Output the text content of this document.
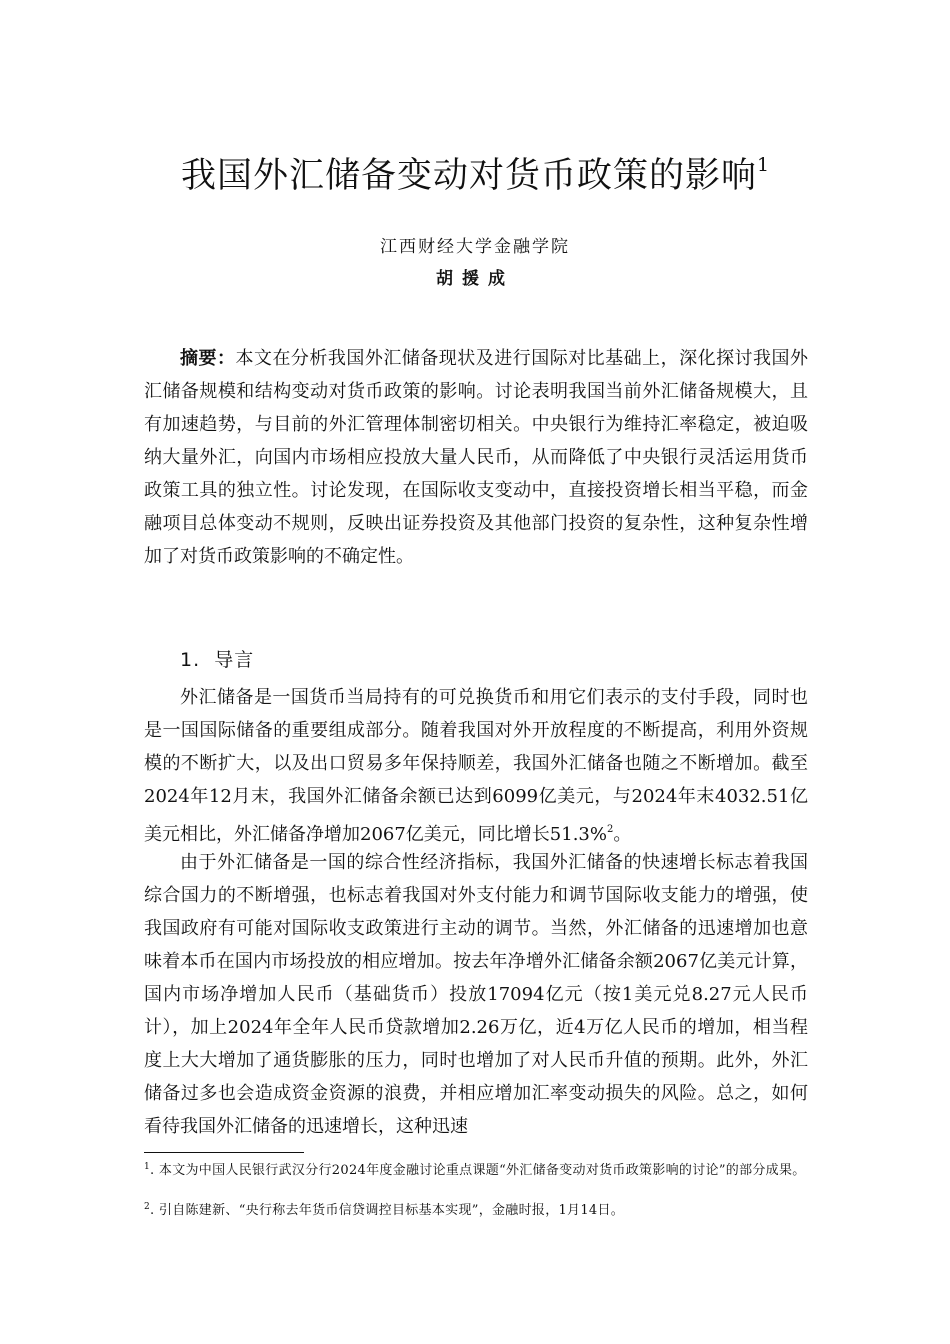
我国外汇储备变动对货币政策的影响$^1$
江西财经大学金融学院
胡援成

摘要：本文在分析我国外汇储备现状及进行国际对比基础上，深化探讨我国外汇储备规模和结构变动对货币政策的影响。讨论表明我国当前外汇储备规模大，且有加速趋势，与目前的外汇管理体制密切相关。中央银行为维持汇率稳定，被迫吸纳大量外汇，向国内市场相应投放大量人民币，从而降低了中央银行灵活运用货币政策工具的独立性。讨论发现，在国际收支变动中，直接投资增长相当平稳，而金融项目总体变动不规则，反映出证券投资及其他部门投资的复杂性，这种复杂性增加了对货币政策影响的不确定性。

1. 导言

外汇储备是一国货币当局持有的可兑换货币和用它们表示的支付手段，同时也是一国国际储备的重要组成部分。随着我国对外开放程度的不断提高，利用外资规模的不断扩大，以及出口贸易多年保持顺差，我国外汇储备也随之不断增加。截至2024年12月末，我国外汇储备余额已达到6099亿美元，与2024年末4032.51亿美元相比，外汇储备净增加2067亿美元，同比增长51.3%$^2$。

由于外汇储备是一国的综合性经济指标，我国外汇储备的快速增长标志着我国综合国力的不断增强，也标志着我国对外支付能力和调节国际收支能力的增强，使我国政府有可能对国际收支政策进行主动的调节。当然，外汇储备的迅速增加也意味着本币在国内市场投放的相应增加。按去年净增外汇储备余额2067亿美元计算，国内市场净增加人民币（基础货币）投放17094亿元（按1美元兑8.27元人民币计），加上2024年全年人民币贷款增加2.26万亿，近4万亿人民币的增加，相当程度上大大增加了通货膨胀的压力，同时也增加了对人民币升值的预期。此外，外汇储备过多也会造成资金资源的浪费，并相应增加汇率变动损失的风险。总之，如何看待我国外汇储备的迅速增长，这种迅速

$^1$. 本文为中国人民银行武汉分行2024年度金融讨论重点课题“外汇储备变动对货币政策影响的讨论”的部分成果。

$^2$. 引自陈建新、“央行称去年货币信贷调控目标基本实现”，金融时报，1月14日。
